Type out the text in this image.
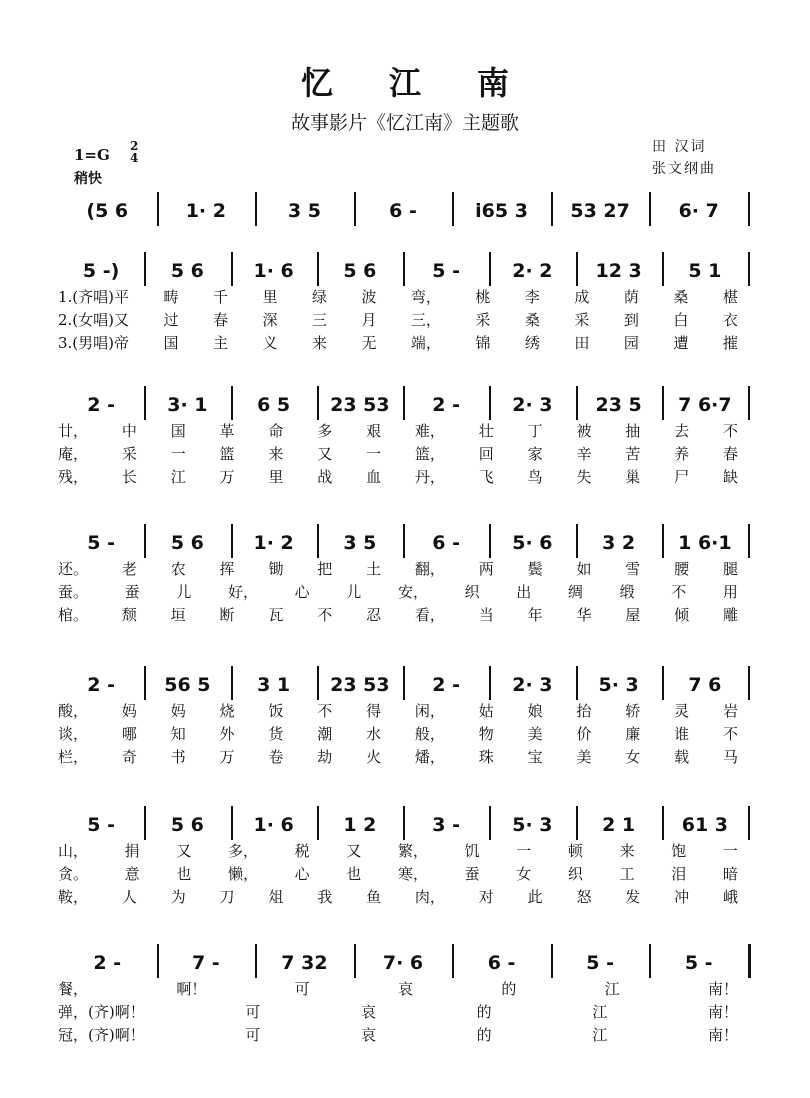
忆江南
故事影片《忆江南》主题歌
田 汉词
张文纲曲
1=G 2
4
稍快
(5 6	1· 2	3 5	6 -	i65 3	53 27	6· 7
5 -)	5 6	1· 6	5 6	5 -	2· 2	12 3	5 1
1.(齐唱)平 畴 千 里 绿 波 弯， 桃 李 成 荫 桑 椹
2.(女唱)又 过 春 深 三 月 三， 采 桑 采 到 白 衣
3.(男唱)帝 国 主 义 来 无 端， 锦 绣 田 园 遭 摧
2 -	3· 1	6 5	23 53	2 -	2· 3	23 5	7 6·7
廿， 中 国 革 命 多 艰 难， 壮 丁 被 抽 去 不
庵， 采 一 篮 来 又 一 篮， 回 家 辛 苦 养 春
残， 长 江 万 里 战 血 丹， 飞 鸟 失 巢 尸 缺
5 -	5 6	1· 2	3 5	6 -	5· 6	3 2	1 6·1
还。 老 农 挥 锄 把 土 翻， 两 鬓 如 雪 腰 腿
蚕。 蚕 儿 好， 心 儿 安， 织 出 绸 缎 不 用
棺。 颓 垣 断 瓦 不 忍 看， 当 年 华 屋 倾 雕
2 -	56 5	3 1	23 53	2 -	2· 3	5· 3	7 6
酸， 妈 妈 烧 饭 不 得 闲， 姑 娘 抬 轿 灵 岩
谈， 哪 知 外 货 潮 水 般， 物 美 价 廉 谁 不
栏， 奇 书 万 卷 劫 火 燔， 珠 宝 美 女 载 马
5 -	5 6	1· 6	1 2	3 -	5· 3	2 1	61 3
山， 捐 又 多， 税 又 繁， 饥 一 顿 来 饱 一
贪。 意 也 懒， 心 也 寒， 蚕 女 织 工 泪 暗
鞍， 人 为 刀 俎 我 鱼 肉， 对 此 怒 发 冲 峨
2 -	7 -	7 32	7· 6	6 -	5 -	5 -
餐，	啊！	可	哀	的	江	南！
弹，(齐)啊！	可	哀	的	江	南！
冠，(齐)啊！	可	哀	的	江	南！
